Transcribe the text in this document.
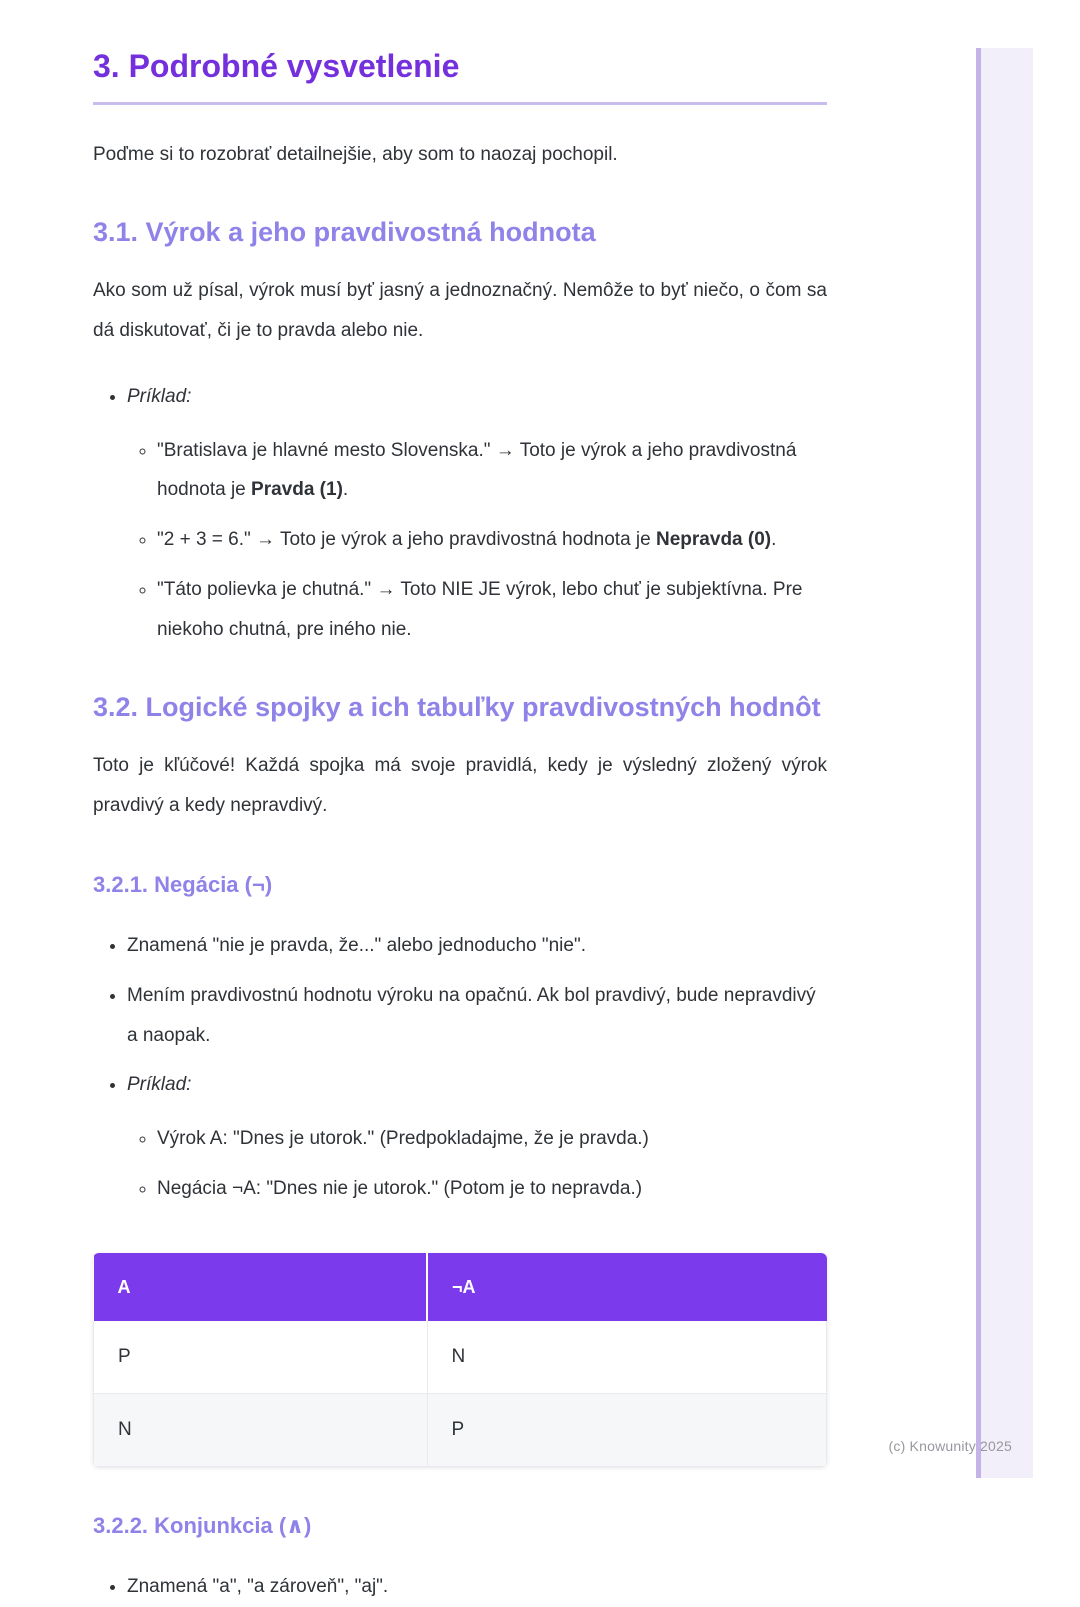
(c) Knowunity 2025
3. Podrobné vysvetlenie

Poďme si to rozobrať detailnejšie, aby som to naozaj pochopil.

3.1. Výrok a jeho pravdivostná hodnota

Ako som už písal, výrok musí byť jasný a jednoznačný. Nemôže to byť niečo, o čom sa dá diskutovať, či je to pravda alebo nie.

• Príklad:
◦ "Bratislava je hlavné mesto Slovenska." → Toto je výrok a jeho pravdivostná hodnota je Pravda (1).
◦ "2 + 3 = 6." → Toto je výrok a jeho pravdivostná hodnota je Nepravda (0).
◦ "Táto polievka je chutná." → Toto NIE JE výrok, lebo chuť je subjektívna. Pre niekoho chutná, pre iného nie.
3.2. Logické spojky a ich tabuľky pravdivostných hodnôt

Toto je kľúčové! Každá spojka má svoje pravidlá, kedy je výsledný zložený výrok pravdivý a kedy nepravdivý.

3.2.1. Negácia (¬)
• Znamená "nie je pravda, že..." alebo jednoducho "nie".
• Mením pravdivostnú hodnotu výroku na opačnú. Ak bol pravdivý, bude nepravdivý a naopak.
• Príklad:
◦ Výrok A: "Dnes je utorok." (Predpokladajme, že je pravda.)
◦ Negácia ¬A: "Dnes nie je utorok." (Potom je to nepravda.)
A	¬A
P	N
N	P
3.2.2. Konjunkcia (∧)
• Znamená "a", "a zároveň", "aj".
